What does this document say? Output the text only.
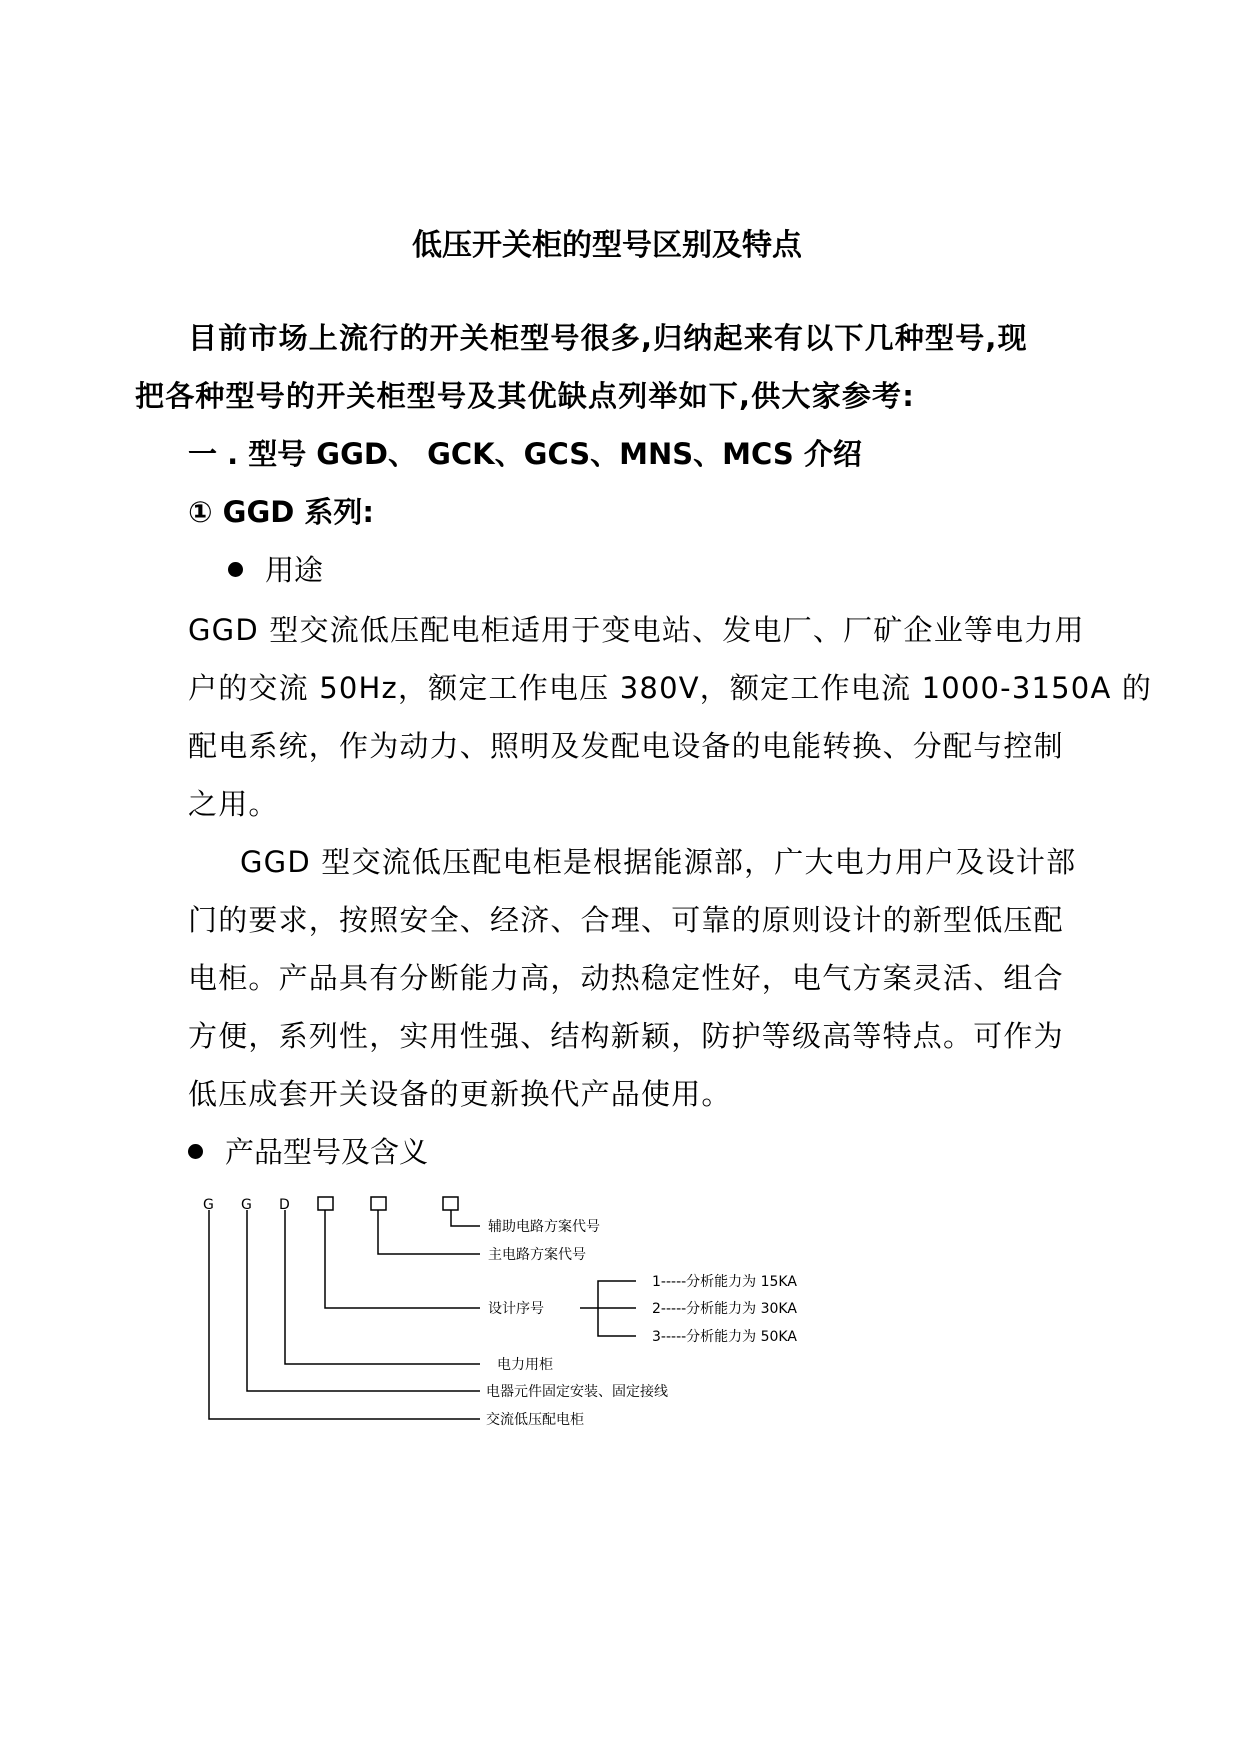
低压开关柜的型号区别及特点
目前市场上流行的开关柜型号很多,归纳起来有以下几种型号,现
把各种型号的开关柜型号及其优缺点列举如下,供大家参考:
一 . 型号 GGD、 GCK、GCS、MNS、MCS 介绍
① GGD 系列:
用途
GGD 型交流低压配电柜适用于变电站、发电厂、厂矿企业等电力用
户的交流 50Hz，额定工作电压 380V，额定工作电流 1000-3150A 的
配电系统，作为动力、照明及发配电设备的电能转换、分配与控制
之用。
GGD 型交流低压配电柜是根据能源部，广大电力用户及设计部
门的要求，按照安全、经济、合理、可靠的原则设计的新型低压配
电柜。产品具有分断能力高，动热稳定性好，电气方案灵活、组合
方便，系列性，实用性强、结构新颖，防护等级高等特点。可作为
低压成套开关设备的更新换代产品使用。
产品型号及含义
G G D
辅助电路方案代号
主电路方案代号
设计序号
1-----分析能力为 15KA
2-----分析能力为 30KA
3-----分析能力为 50KA
电力用柜
电器元件固定安装、固定接线
交流低压配电柜
